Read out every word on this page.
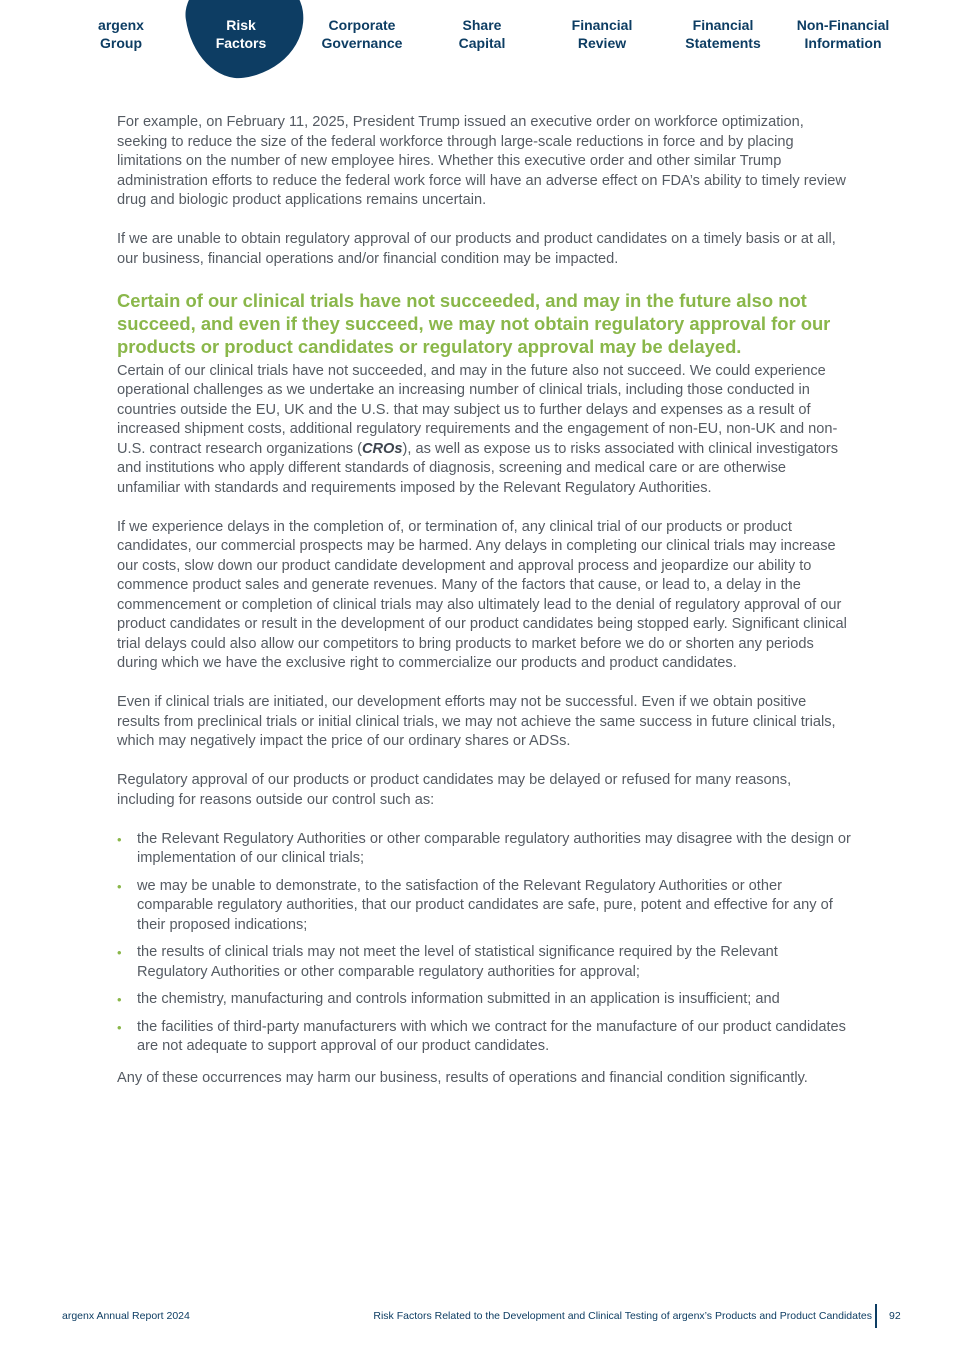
argenx
Group
Risk
Factors
Corporate
Governance
Share
Capital
Financial
Review
Financial
Statements
Non-Financial
Information

For example, on February 11, 2025, President Trump issued an executive order on workforce optimization, seeking to reduce the size of the federal workforce through large-scale reductions in force and by placing limitations on the number of new employee hires. Whether this executive order and other similar Trump administration efforts to reduce the federal work force will have an adverse effect on FDA’s ability to timely review drug and biologic product applications remains uncertain.

If we are unable to obtain regulatory approval of our products and product candidates on a timely basis or at all, our business, financial operations and/or financial condition may be impacted.

Certain of our clinical trials have not succeeded, and may in the future also not succeed, and even if they succeed, we may not obtain regulatory approval for our products or product candidates or regulatory approval may be delayed.

Certain of our clinical trials have not succeeded, and may in the future also not succeed. We could experience operational challenges as we undertake an increasing number of clinical trials, including those conducted in countries outside the EU, UK and the U.S. that may subject us to further delays and expenses as a result of increased shipment costs, additional regulatory requirements and the engagement of non-EU, non-UK and non-U.S. contract research organizations (CROs), as well as expose us to risks associated with clinical investigators and institutions who apply different standards of diagnosis, screening and medical care or are otherwise unfamiliar with standards and requirements imposed by the Relevant Regulatory Authorities.

If we experience delays in the completion of, or termination of, any clinical trial of our products or product candidates, our commercial prospects may be harmed. Any delays in completing our clinical trials may increase our costs, slow down our product candidate development and approval process and jeopardize our ability to commence product sales and generate revenues. Many of the factors that cause, or lead to, a delay in the commencement or completion of clinical trials may also ultimately lead to the denial of regulatory approval of our product candidates or result in the development of our product candidates being stopped early. Significant clinical trial delays could also allow our competitors to bring products to market before we do or shorten any periods during which we have the exclusive right to commercialize our products and product candidates.

Even if clinical trials are initiated, our development efforts may not be successful. Even if we obtain positive results from preclinical trials or initial clinical trials, we may not achieve the same success in future clinical trials, which may negatively impact the price of our ordinary shares or ADSs.

Regulatory approval of our products or product candidates may be delayed or refused for many reasons, including for reasons outside our control such as:

• the Relevant Regulatory Authorities or other comparable regulatory authorities may disagree with the design or implementation of our clinical trials;
• we may be unable to demonstrate, to the satisfaction of the Relevant Regulatory Authorities or other comparable regulatory authorities, that our product candidates are safe, pure, potent and effective for any of their proposed indications;
• the results of clinical trials may not meet the level of statistical significance required by the Relevant Regulatory Authorities or other comparable regulatory authorities for approval;
• the chemistry, manufacturing and controls information submitted in an application is insufficient; and
• the facilities of third-party manufacturers with which we contract for the manufacture of our product candidates are not adequate to support approval of our product candidates.

Any of these occurrences may harm our business, results of operations and financial condition significantly.

argenx Annual Report 2024	Risk Factors Related to the Development and Clinical Testing of argenx’s Products and Product Candidates 92
